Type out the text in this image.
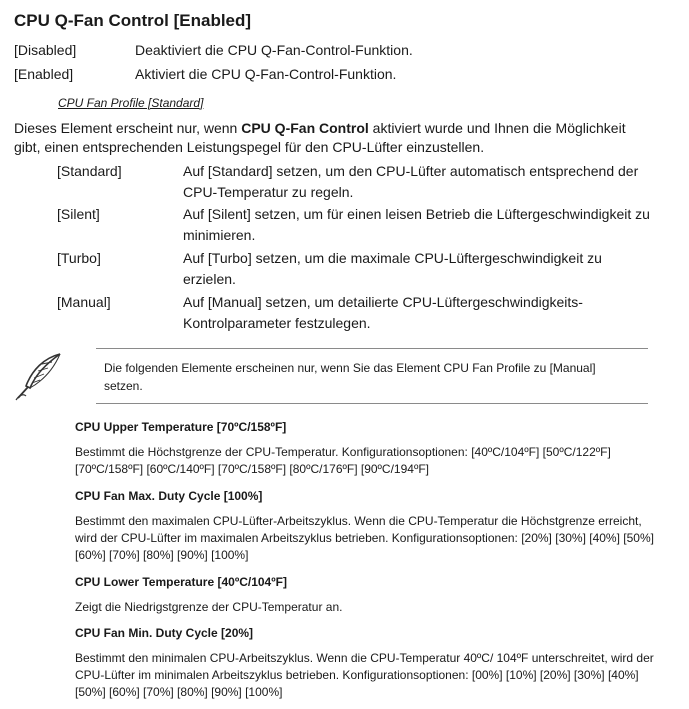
CPU Q-Fan Control [Enabled]
[Disabled]	Deaktiviert die CPU Q-Fan-Control-Funktion.
[Enabled]	Aktiviert die CPU Q-Fan-Control-Funktion.
CPU Fan Profile [Standard]
Dieses Element erscheint nur, wenn CPU Q-Fan Control aktiviert wurde und Ihnen die Möglichkeit gibt, einen entsprechenden Leistungspegel für den CPU-Lüfter einzustellen.
[Standard]	Auf [Standard] setzen, um den CPU-Lüfter automatisch entsprechend der CPU-Temperatur zu regeln.
[Silent]	Auf [Silent] setzen, um für einen leisen Betrieb die Lüftergeschwindigkeit zu minimieren.
[Turbo]	Auf [Turbo] setzen, um die maximale CPU-Lüftergeschwindigkeit zu erzielen.
[Manual]	Auf [Manual] setzen, um detailierte CPU-Lüftergeschwindigkeits-Kontrolparameter festzulegen.
Die folgenden Elemente erscheinen nur, wenn Sie das Element CPU Fan Profile zu [Manual] setzen.
CPU Upper Temperature [70ºC/158ºF]
Bestimmt die Höchstgrenze der CPU-Temperatur. Konfigurationsoptionen: [40ºC/104ºF] [50ºC/122ºF] [70ºC/158ºF] [60ºC/140ºF] [70ºC/158ºF] [80ºC/176ºF] [90ºC/194ºF]
CPU Fan Max. Duty Cycle [100%]
Bestimmt den maximalen CPU-Lüfter-Arbeitszyklus. Wenn die CPU-Temperatur die Höchstgrenze erreicht, wird der CPU-Lüfter im maximalen Arbeitszyklus betrieben. Konfigurationsoptionen: [20%] [30%] [40%] [50%] [60%] [70%] [80%] [90%] [100%]
CPU Lower Temperature [40ºC/104ºF]
Zeigt die Niedrigstgrenze der CPU-Temperatur an.
CPU Fan Min. Duty Cycle [20%]
Bestimmt den minimalen CPU-Arbeitszyklus. Wenn die CPU-Temperatur 40ºC/ 104ºF unterschreitet, wird der CPU-Lüfter im minimalen Arbeitszyklus betrieben. Konfigurationsoptionen: [00%] [10%] [20%] [30%] [40%] [50%] [60%] [70%] [80%] [90%] [100%]
